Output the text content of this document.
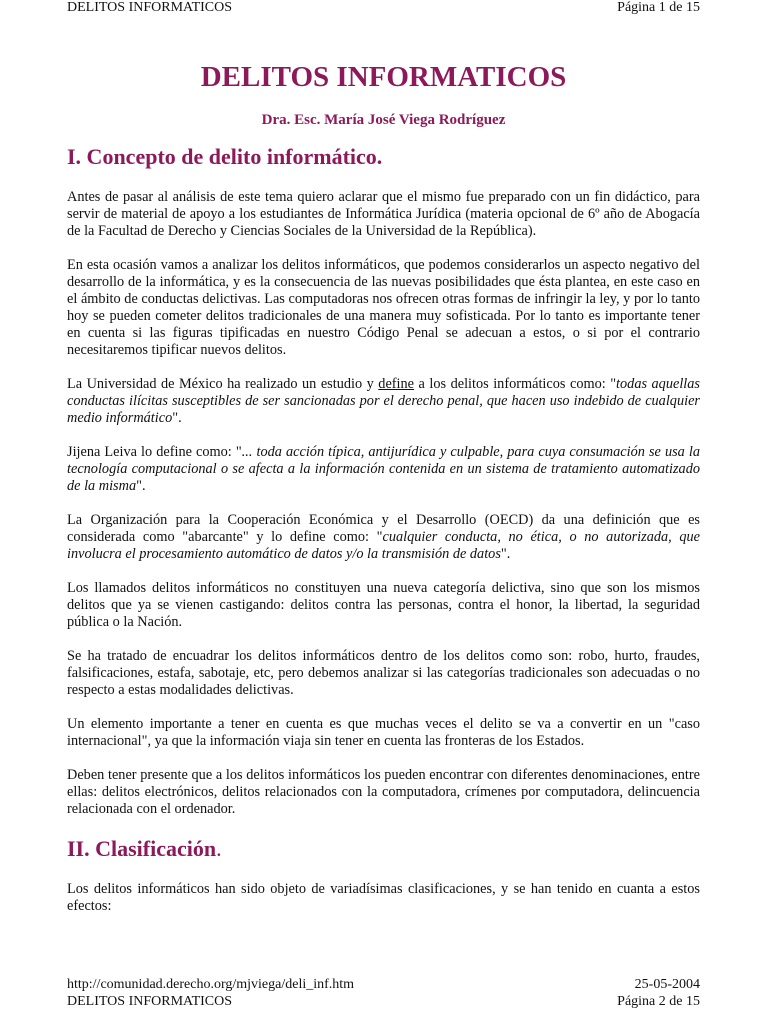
DELITOS INFORMATICOS	Página 1 de 15
DELITOS INFORMATICOS
Dra. Esc. María José Viega Rodríguez
I. Concepto de delito informático.

Antes de pasar al análisis de este tema quiero aclarar que el mismo fue preparado con un fin didáctico, para servir de material de apoyo a los estudiantes de Informática Jurídica (materia opcional de 6º año de Abogacía de la Facultad de Derecho y Ciencias Sociales de la Universidad de la República).

En esta ocasión vamos a analizar los delitos informáticos, que podemos considerarlos un aspecto negativo del desarrollo de la informática, y es la consecuencia de las nuevas posibilidades que ésta plantea, en este caso en el ámbito de conductas delictivas. Las computadoras nos ofrecen otras formas de infringir la ley, y por lo tanto hoy se pueden cometer delitos tradicionales de una manera muy sofisticada. Por lo tanto es importante tener en cuenta si las figuras tipificadas en nuestro Código Penal se adecuan a estos, o si por el contrario necesitaremos tipificar nuevos delitos.

La Universidad de México ha realizado un estudio y define a los delitos informáticos como: "todas aquellas conductas ilícitas susceptibles de ser sancionadas por el derecho penal, que hacen uso indebido de cualquier medio informático".

Jijena Leiva lo define como: "... toda acción típica, antijurídica y culpable, para cuya consumación se usa la tecnología computacional o se afecta a la información contenida en un sistema de tratamiento automatizado de la misma".

La Organización para la Cooperación Económica y el Desarrollo (OECD) da una definición que es considerada como "abarcante" y lo define como: "cualquier conducta, no ética, o no autorizada, que involucra el procesamiento automático de datos y/o la transmisión de datos".

Los llamados delitos informáticos no constituyen una nueva categoría delictiva, sino que son los mismos delitos que ya se vienen castigando: delitos contra las personas, contra el honor, la libertad, la seguridad pública o la Nación.

Se ha tratado de encuadrar los delitos informáticos dentro de los delitos como son: robo, hurto, fraudes, falsificaciones, estafa, sabotaje, etc, pero debemos analizar si las categorías tradicionales son adecuadas o no respecto a estas modalidades delictivas.

Un elemento importante a tener en cuenta es que muchas veces el delito se va a convertir en un "caso internacional", ya que la información viaja sin tener en cuenta las fronteras de los Estados.

Deben tener presente que a los delitos informáticos los pueden encontrar con diferentes denominaciones, entre ellas: delitos electrónicos, delitos relacionados con la computadora, crímenes por computadora, delincuencia relacionada con el ordenador.

II. Clasificación.

Los delitos informáticos han sido objeto de variadísimas clasificaciones, y se han tenido en cuanta a estos efectos:

http://comunidad.derecho.org/mjviega/deli_inf.htm	25-05-2004
DELITOS INFORMATICOS	Página 2 de 15
